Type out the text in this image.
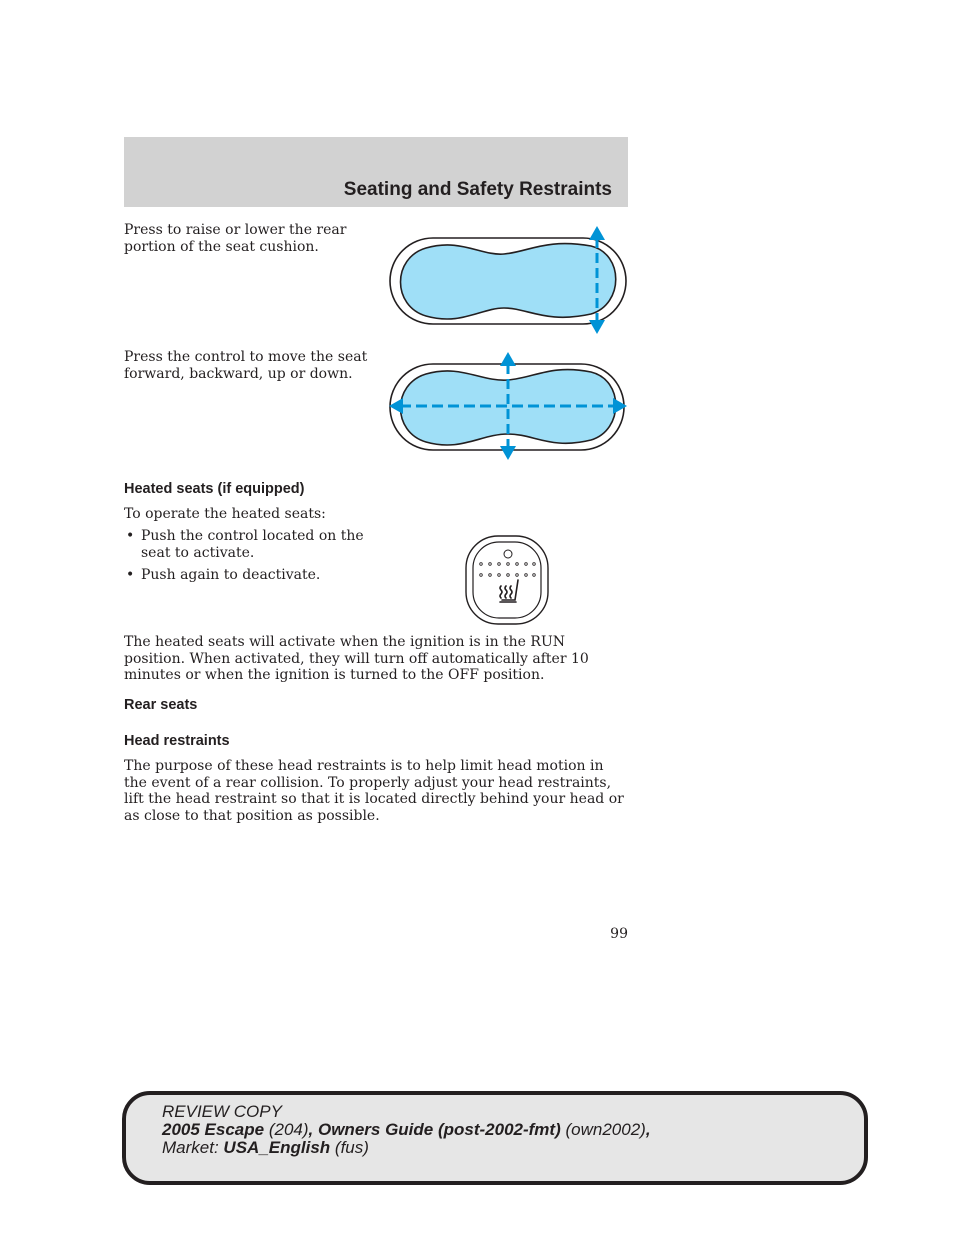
Seating and Safety Restraints
Press to raise or lower the rear portion of the seat cushion.
Press the control to move the seat forward, backward, up or down.
Heated seats (if equipped)
To operate the heated seats:
• Push the control located on the seat to activate.
• Push again to deactivate.
The heated seats will activate when the ignition is in the RUN position. When activated, they will turn off automatically after 10 minutes or when the ignition is turned to the OFF position.
Rear seats
Head restraints
The purpose of these head restraints is to help limit head motion in the event of a rear collision. To properly adjust your head restraints, lift the head restraint so that it is located directly behind your head or as close to that position as possible.
99
REVIEW COPY
2005 Escape (204), Owners Guide (post-2002-fmt) (own2002),
Market: USA_English (fus)
